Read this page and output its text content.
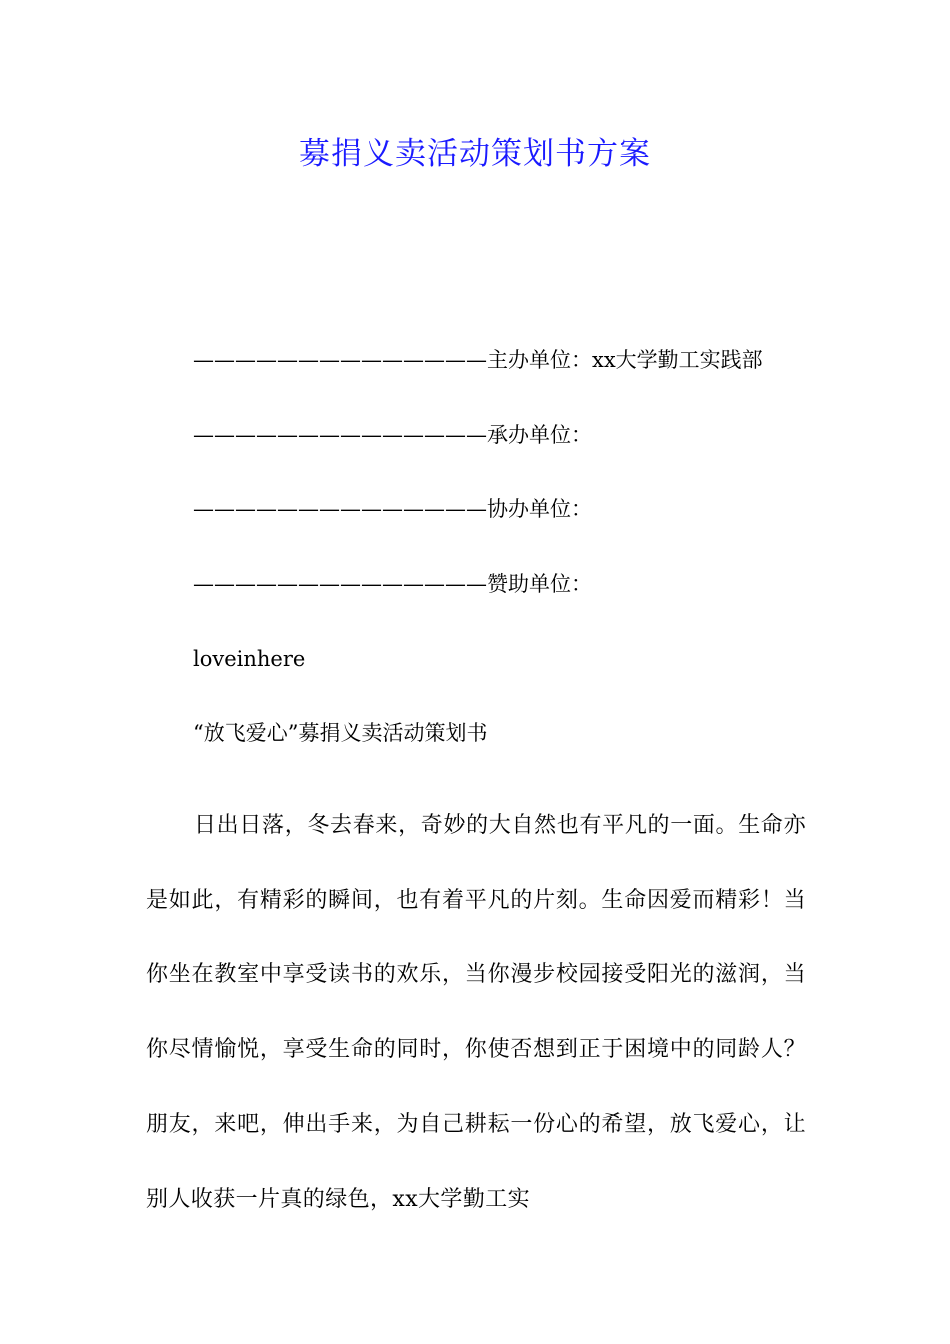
募捐义卖活动策划书方案

——————————————主办单位：xx大学勤工实践部

——————————————承办单位：

——————————————协办单位：

——————————————赞助单位：

loveinhere

“放飞爱心”募捐义卖活动策划书

日出日落，冬去春来，奇妙的大自然也有平凡的一面。生命亦是如此，有精彩的瞬间，也有着平凡的片刻。生命因爱而精彩！当你坐在教室中享受读书的欢乐，当你漫步校园接受阳光的滋润，当你尽情愉悦，享受生命的同时，你使否想到正于困境中的同龄人？朋友，来吧，伸出手来，为自己耕耘一份心的希望，放飞爱心，让别人收获一片真的绿色，xx大学勤工实
